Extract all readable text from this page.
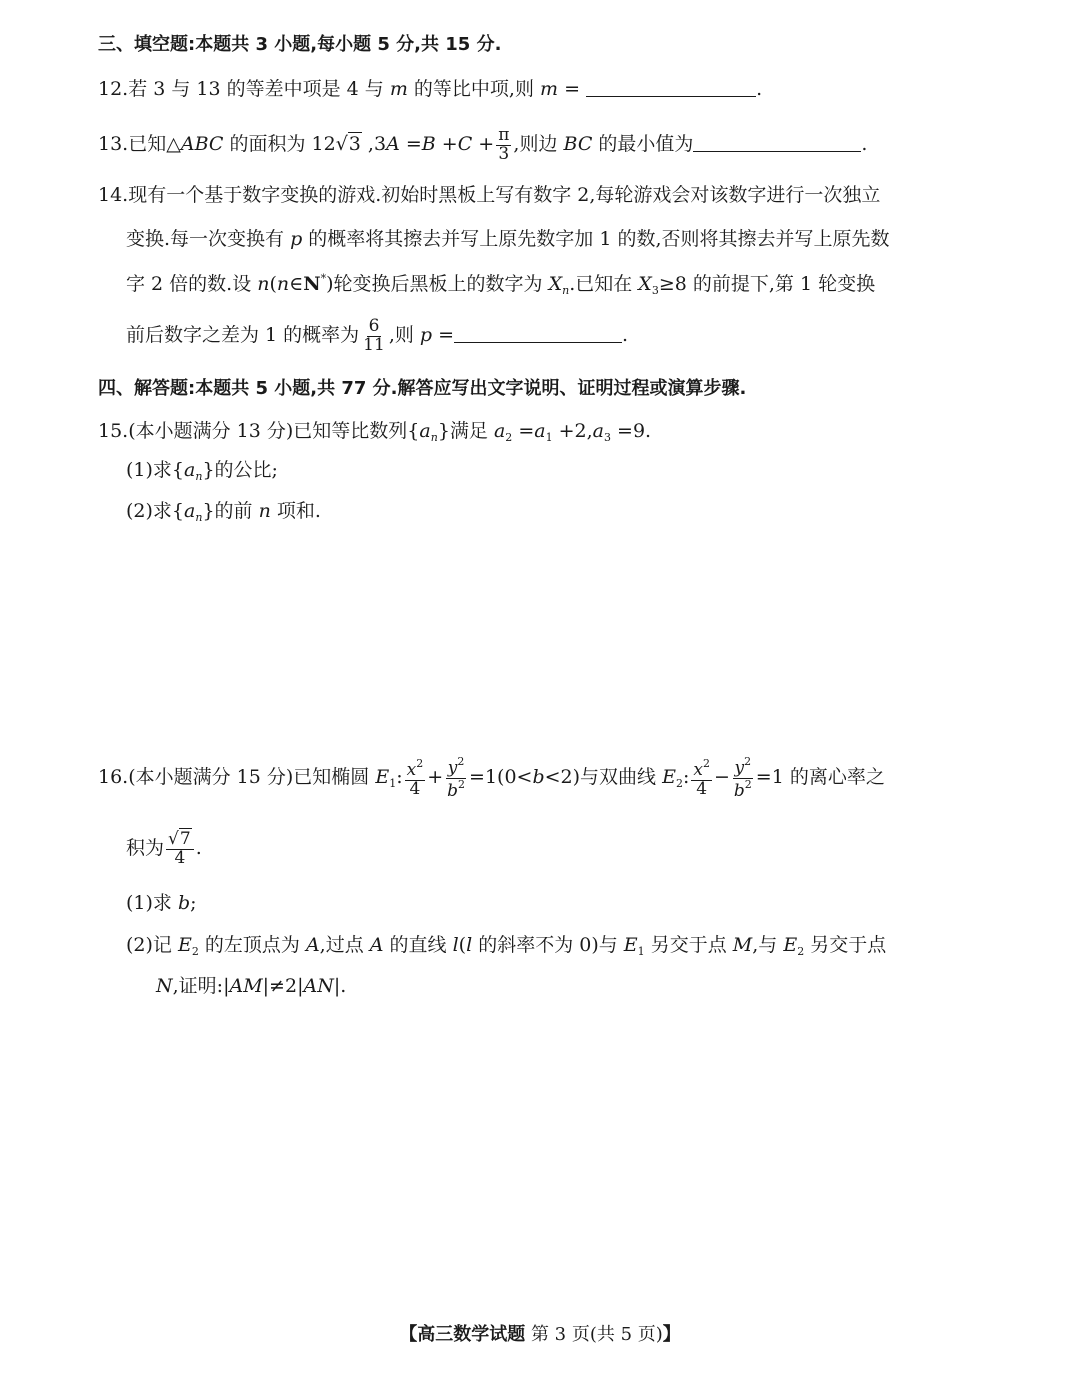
三、填空题:本题共 3 小题,每小题 5 分,共 15 分.
12.若 3 与 13 的等差中项是 4 与 m 的等比中项,则 m =	.
13.已知△ABC 的面积为 12√3 $,3A =B +C + \frac{\pi}{3}$ ,则边 BC 的最小值为	.
14.现有一个基于数字变换的游戏.初始时黑板上写有数字 2,每轮游戏会对该数字进行一次独立
变换.每一次变换有 p 的概率将其擦去并写上原先数字加 1 的数,否则将其擦去并写上原先数
字 2 倍的数.设 n(n∈N*)轮变换后黑板上的数字为 $X_n$.已知在 $X_3\ge 8$ 的前提下,第 1 轮变换
前后数字之差为 1 的概率为 $\frac{6}{11}$ ,则 p =	.
四、解答题:本题共 5 小题,共 77 分.解答应写出文字说明、证明过程或演算步骤.
15.(本小题满分 13 分)已知等比数列$\{a_n\}$满足 $a_2 =a_1 +2,a_3 =9$.
(1)求$\{a_n\}$的公比;
(2)求$\{a_n\}$的前 n 项和.
16.(本小题满分 15 分)已知椭圆 $E_1$: $\frac{x^2}{4} + \frac{y^2}{b^2} =1(0<b<2)$与双曲线 $E_2$: $\frac{x^2}{4} - \frac{y^2}{b^2} =1$ 的离心率之
积为 $\frac{√7}{4}$ .
(1)求 b;
(2)记 $E_2$ 的左顶点为 A,过点 A 的直线 l(l 的斜率不为 0)与 $E_1$ 另交于点 M,与 $E_2$ 另交于点
N,证明:|AM|≠2|AN|.
【高三数学试题 第 3 页(共 5 页)】
